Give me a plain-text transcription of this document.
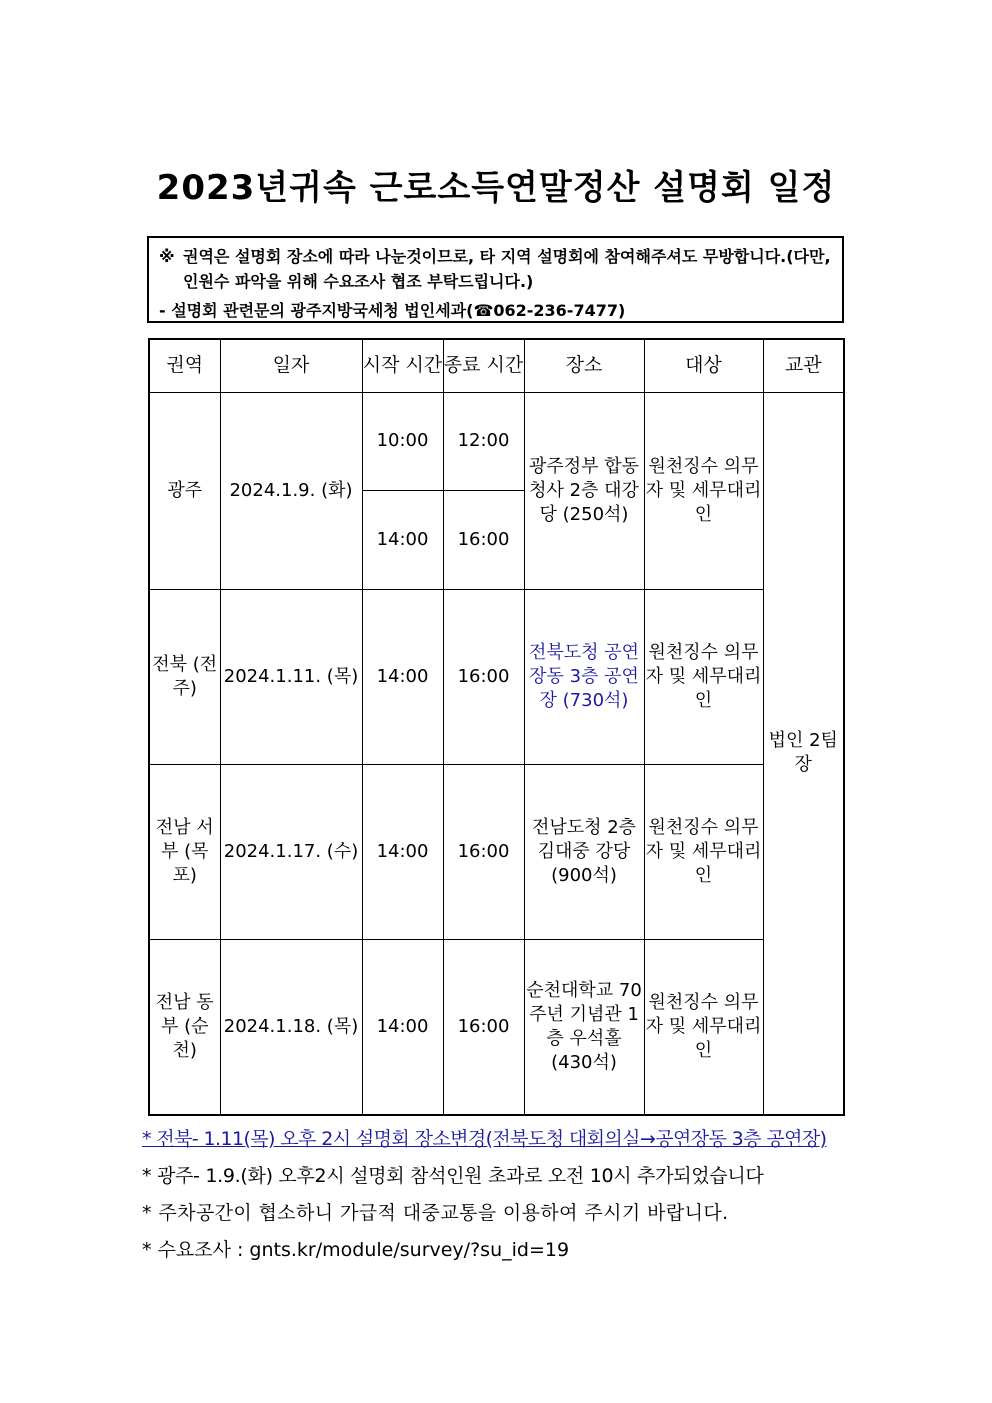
2023년귀속 근로소득연말정산 설명회 일정
※ 권역은 설명회 장소에 따라 나눈것이므로, 타 지역 설명회에 참여해주셔도 무방합니다.(다만, 인원수 파악을 위해 수요조사 협조 부탁드립니다.)
- 설명회 관련문의 광주지방국세청 법인세과(☎062-236-7477)
권역	일자	시작 시간	종료 시간	장소	대상	교관
광주	2024.1.9. (화)	10:00	12:00	광주정부 합동청사 2층 대강당 (250석)	원천징수 의무자 및 세무대리인	법인 2팀장
		14:00	16:00			
전북 (전주)	2024.1.11. (목)	14:00	16:00	전북도청 공연장동 3층 공연장 (730석)	원천징수 의무자 및 세무대리인	
전남 서부 (목포)	2024.1.17. (수)	14:00	16:00	전남도청 2층 김대중 강당 (900석)	원천징수 의무자 및 세무대리인	
전남 동부 (순천)	2024.1.18. (목)	14:00	16:00	순천대학교 70주년 기념관 1층 우석홀 (430석)	원천징수 의무자 및 세무대리인	
* 전북- 1.11(목) 오후 2시 설명회 장소변경(전북도청 대회의실→공연장동 3층 공연장)
* 광주- 1.9.(화) 오후2시 설명회 참석인원 초과로 오전 10시 추가되었습니다
* 주차공간이 협소하니 가급적 대중교통을 이용하여 주시기 바랍니다.
* 수요조사 : gnts.kr/module/survey/?su_id=19
